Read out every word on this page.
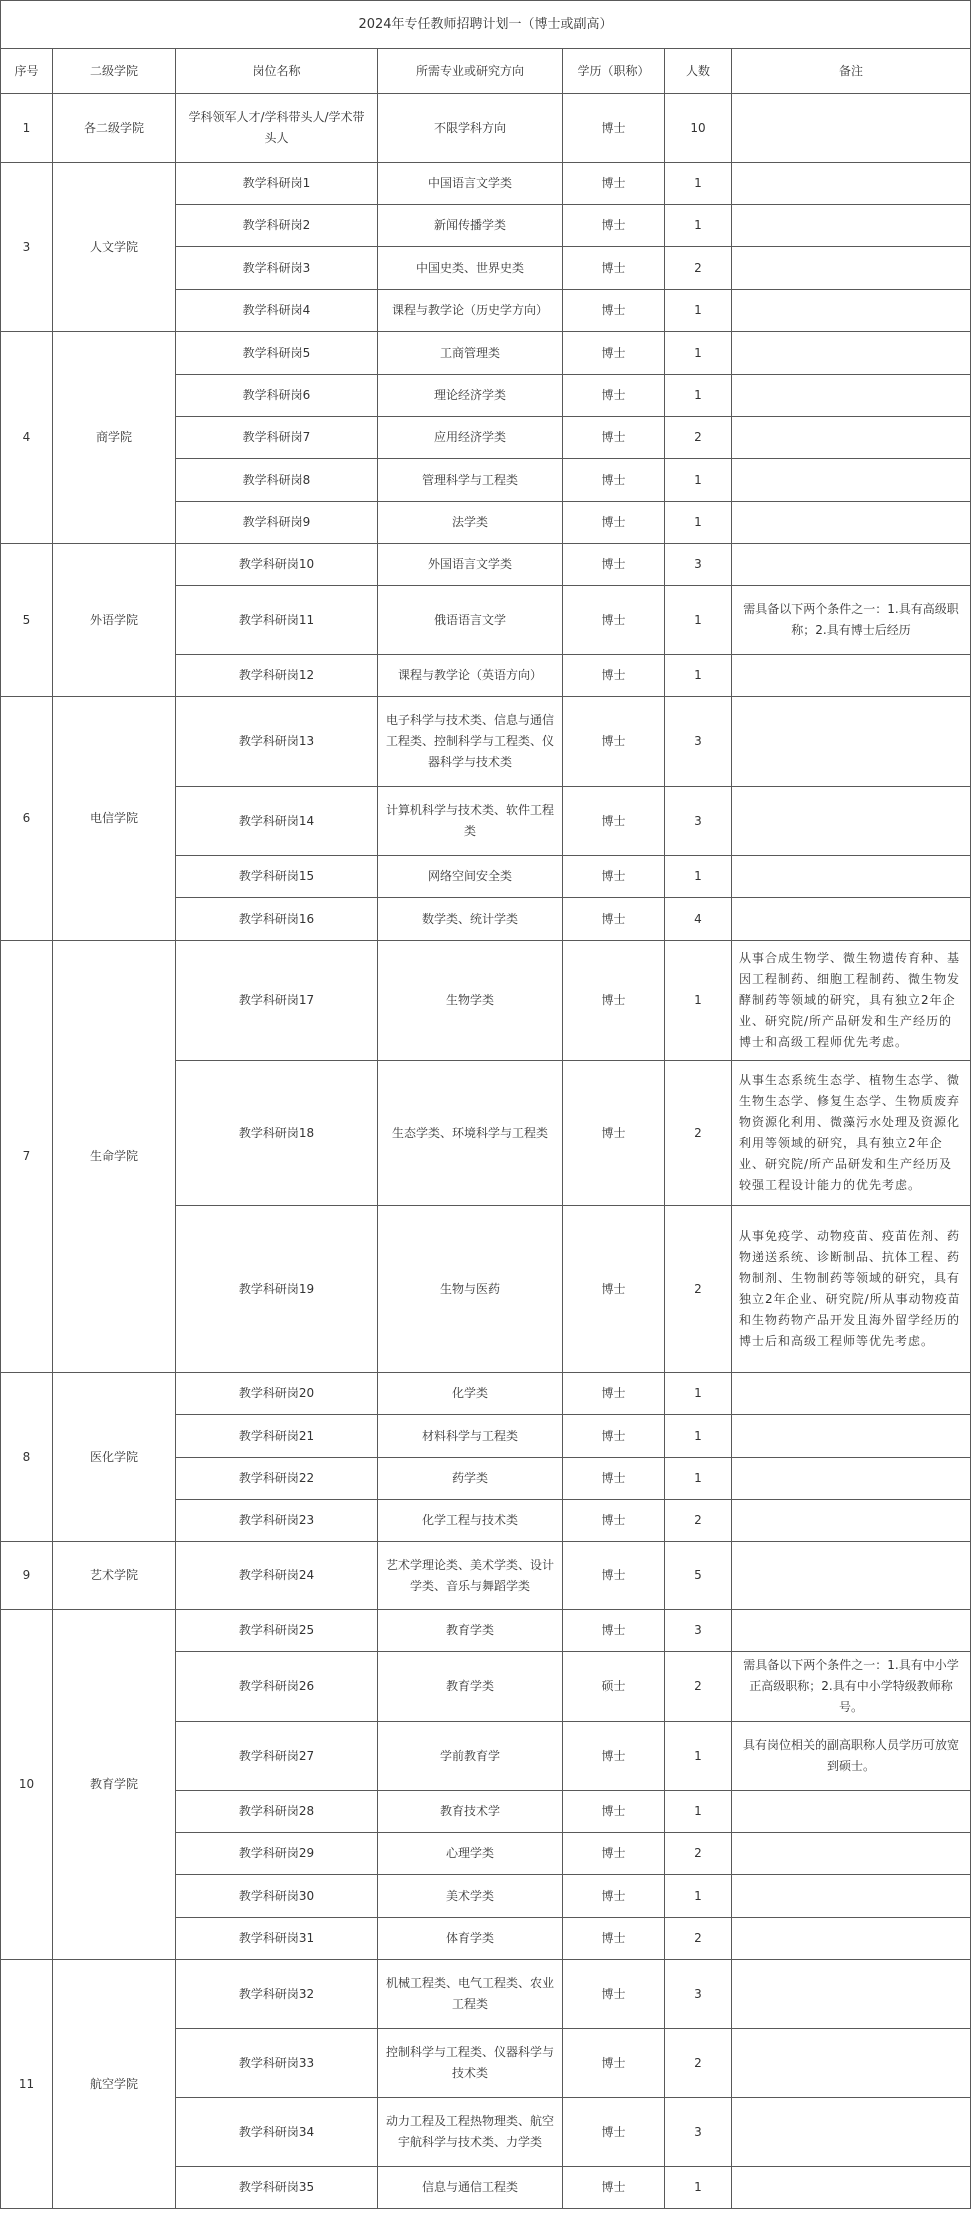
2024年专任教师招聘计划一（博士或副高）						
序号	二级学院	岗位名称	所需专业或研究方向	学历（职称）	人数	备注
1	各二级学院	学科领军人才/学科带头人/学术带头人	不限学科方向	博士	10	
3	人文学院	教学科研岗1	中国语言文学类	博士	1	
		教学科研岗2	新闻传播学类	博士	1	
		教学科研岗3	中国史类、世界史类	博士	2	
		教学科研岗4	课程与教学论（历史学方向）	博士	1	
4	商学院	教学科研岗5	工商管理类	博士	1	
		教学科研岗6	理论经济学类	博士	1	
		教学科研岗7	应用经济学类	博士	2	
		教学科研岗8	管理科学与工程类	博士	1	
		教学科研岗9	法学类	博士	1	
5	外语学院	教学科研岗10	外国语言文学类	博士	3	
		教学科研岗11	俄语语言文学	博士	1	需具备以下两个条件之一：1.具有高级职称；2.具有博士后经历
		教学科研岗12	课程与教学论（英语方向）	博士	1	
6	电信学院	教学科研岗13	电子科学与技术类、信息与通信工程类、控制科学与工程类、仪器科学与技术类	博士	3	
		教学科研岗14	计算机科学与技术类、软件工程类	博士	3	
		教学科研岗15	网络空间安全类	博士	1	
		教学科研岗16	数学类、统计学类	博士	4	
7	生命学院	教学科研岗17	生物学类	博士	1	从事合成生物学、微生物遗传育种、基因工程制药、细胞工程制药、微生物发酵制药等领域的研究，具有独立2年企业、研究院/所产品研发和生产经历的博士和高级工程师优先考虑。
		教学科研岗18	生态学类、环境科学与工程类	博士	2	从事生态系统生态学、植物生态学、微生物生态学、修复生态学、生物质废弃物资源化利用、微藻污水处理及资源化利用等领域的研究，具有独立2年企业、研究院/所产品研发和生产经历及较强工程设计能力的优先考虑。
		教学科研岗19	生物与医药	博士	2	从事免疫学、动物疫苗、疫苗佐剂、药物递送系统、诊断制品、抗体工程、药物制剂、生物制药等领域的研究，具有独立2年企业、研究院/所从事动物疫苗和生物药物产品开发且海外留学经历的博士后和高级工程师等优先考虑。
8	医化学院	教学科研岗20	化学类	博士	1	
		教学科研岗21	材料科学与工程类	博士	1	
		教学科研岗22	药学类	博士	1	
		教学科研岗23	化学工程与技术类	博士	2	
9	艺术学院	教学科研岗24	艺术学理论类、美术学类、设计学类、音乐与舞蹈学类	博士	5	
10	教育学院	教学科研岗25	教育学类	博士	3	
		教学科研岗26	教育学类	硕士	2	需具备以下两个条件之一：1.具有中小学正高级职称；2.具有中小学特级教师称号。
		教学科研岗27	学前教育学	博士	1	具有岗位相关的副高职称人员学历可放宽到硕士。
		教学科研岗28	教育技术学	博士	1	
		教学科研岗29	心理学类	博士	2	
		教学科研岗30	美术学类	博士	1	
		教学科研岗31	体育学类	博士	2	
11	航空学院	教学科研岗32	机械工程类、电气工程类、农业工程类	博士	3	
		教学科研岗33	控制科学与工程类、仪器科学与技术类	博士	2	
		教学科研岗34	动力工程及工程热物理类、航空宇航科学与技术类、力学类	博士	3	
		教学科研岗35	信息与通信工程类	博士	1	
